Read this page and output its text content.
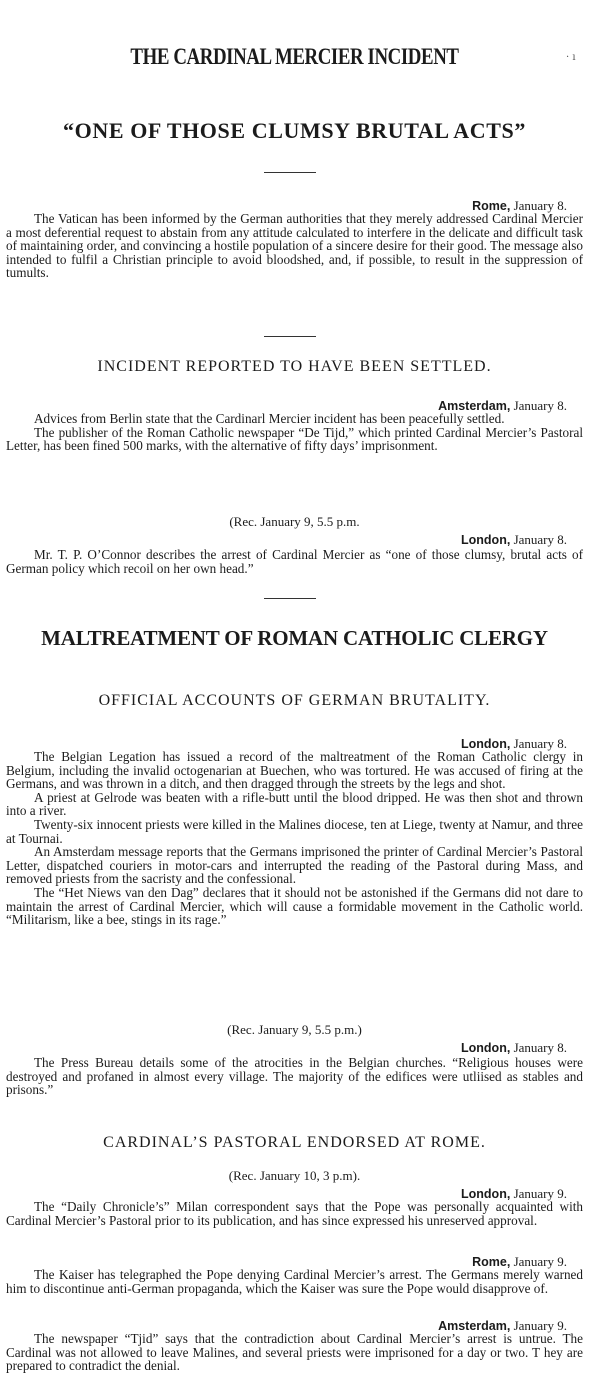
THE CARDINAL MERCIER INCIDENT	· ı
“ONE OF THOSE CLUMSY BRUTAL ACTS”
Rome, January 8.

The Vatican has been informed by the German authorities that they merely addressed Cardinal Mercier a most deferential request to abstain from any attitude calculated to interfere in the delicate and difficult task of maintaining order, and convincing a hostile population of a sincere desire for their good. The message also intended to fulfil a Christian principle to avoid bloodshed, and, if possible, to result in the suppression of tumults.

INCIDENT REPORTED TO HAVE BEEN SETTLED.
Amsterdam, January 8.

Advices from Berlin state that the Cardinarl Mercier incident has been peacefully settled.

The publisher of the Roman Catholic newspaper “De Tijd,” which printed Cardinal Mercier’s Pastoral Letter, has been fined 500 marks, with the alternative of fifty days’ imprisonment.

(Rec. January 9, 5.5 p.m.
London, January 8.

Mr. T. P. O’Connor describes the arrest of Cardinal Mercier as “one of those clumsy, brutal acts of German policy which recoil on her own head.”

MALTREATMENT OF ROMAN CATHOLIC CLERGY
OFFICIAL ACCOUNTS OF GERMAN BRUTALITY.
London, January 8.

The Belgian Legation has issued a record of the maltreatment of the Roman Catholic clergy in Belgium, including the invalid octogenarian at Buechen, who was tortured. He was accused of firing at the Germans, and was thrown in a ditch, and then dragged through the streets by the legs and shot.

A priest at Gelrode was beaten with a rifle-butt until the blood dripped. He was then shot and thrown into a river.

Twenty-six innocent priests were killed in the Malines diocese, ten at Liege, twenty at Namur, and three at Tournai.

An Amsterdam message reports that the Germans imprisoned the printer of Cardinal Mercier’s Pastoral Letter, dispatched couriers in motor-cars and interrupted the reading of the Pastoral during Mass, and removed priests from the sacristy and the confessional.

The “Het Niews van den Dag” declares that it should not be astonished if the Germans did not dare to maintain the arrest of Cardinal Mercier, which will cause a formidable movement in the Catholic world. “Militarism, like a bee, stings in its rage.”

(Rec. January 9, 5.5 p.m.)
London, January 8.

The Press Bureau details some of the atrocities in the Belgian churches. “Religious houses were destroyed and profaned in almost every village. The majority of the edifices were utliised as stables and prisons.”

CARDINAL’S PASTORAL ENDORSED AT ROME.
(Rec. January 10, 3 p.m).
London, January 9.

The “Daily Chronicle’s” Milan correspondent says that the Pope was personally acquainted with Cardinal Mercier’s Pastoral prior to its publication, and has since expressed his unreserved approval.

Rome, January 9.

The Kaiser has telegraphed the Pope denying Cardinal Mercier’s arrest. The Germans merely warned him to discontinue anti-German propaganda, which the Kaiser was sure the Pope would disapprove of.

Amsterdam, January 9.

The newspaper “Tjid” says that the contradiction about Cardinal Mercier’s arrest is untrue. The Cardinal was not allowed to leave Malines, and several priests were imprisoned for a day or two. T hey are prepared to contradict the denial.
